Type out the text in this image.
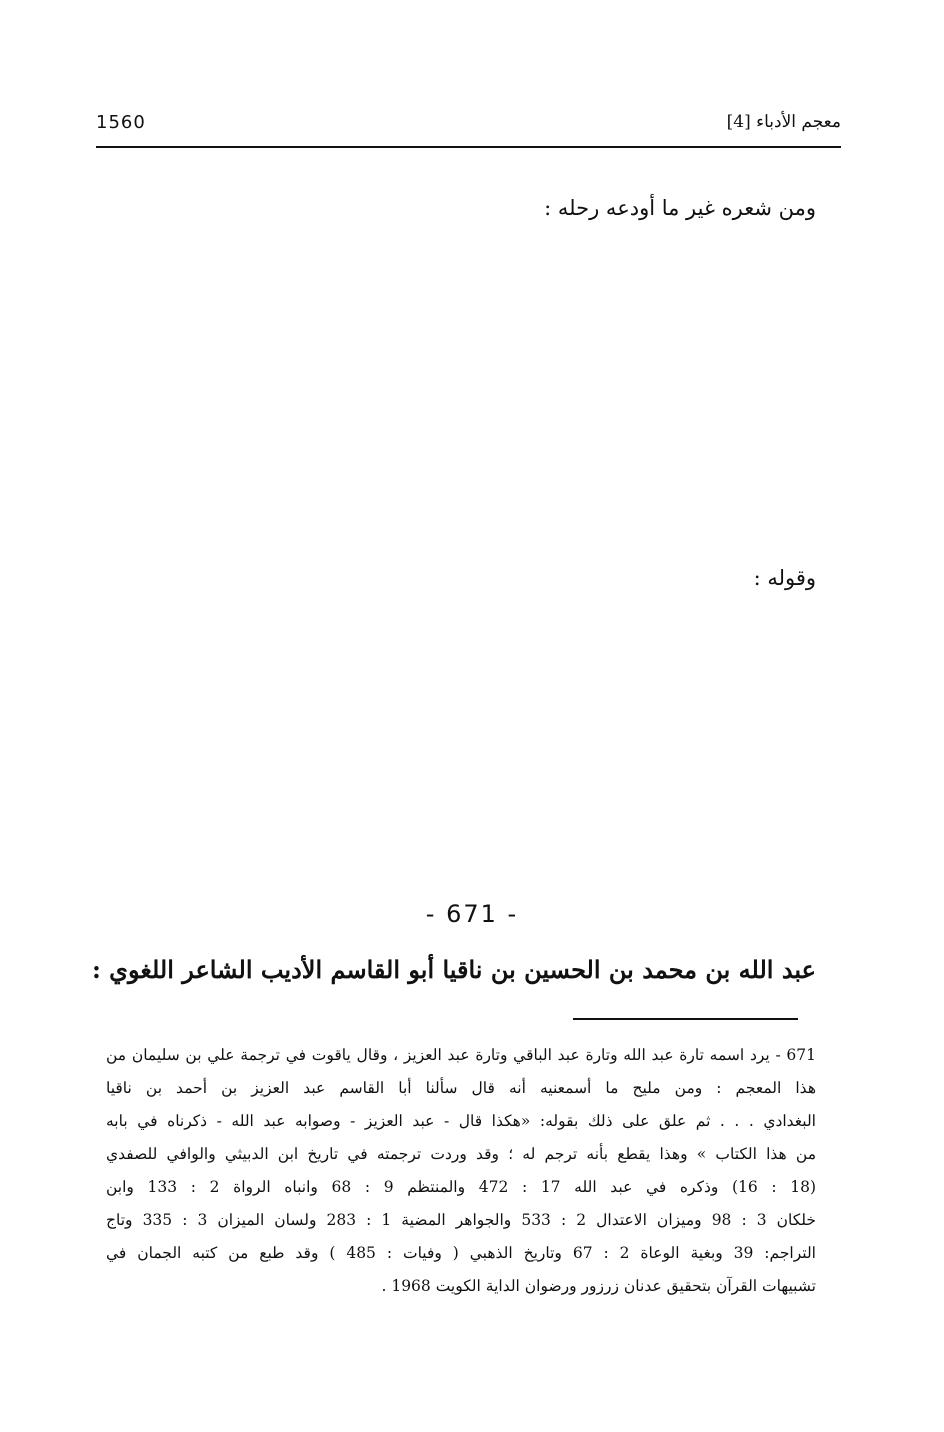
1560	معجم الأدباء [4]
ومن شعره غير ما أودعه رحله :
وقوله :
- 671 -
عبد الله بن محمد بن الحسين بن ناقيا أبو القاسم الأديب الشاعر اللغوي :
671 - يرد اسمه تارة عبد الله وتارة عبد الباقي وتارة عبد العزيز ، وقال ياقوت في ترجمة علي بن سليمان من
هذا المعجم : ومن مليح ما أسمعنيه أنه قال سألنا أبا القاسم عبد العزيز بن أحمد بن ناقيا
البغدادي . . . ثم علق على ذلك بقوله: «هكذا قال - عبد العزيز - وصوابه عبد الله - ذكرناه في بابه
من هذا الكتاب » وهذا يقطع بأنه ترجم له ؛ وقد وردت ترجمته في تاريخ ابن الدبيثي والوافي للصفدي
(18 : 16) وذكره في عبد الله 17 : 472 والمنتظم 9 : 68 وانباه الرواة 2 : 133 وابن
خلكان 3 : 98 وميزان الاعتدال 2 : 533 والجواهر المضية 1 : 283 ولسان الميزان 3 : 335 وتاج
التراجم: 39 وبغية الوعاة 2 : 67 وتاريخ الذهبي ( وفيات : 485 ) وقد طبع من كتبه الجمان في
تشبيهات القرآن بتحقيق عدنان زرزور ورضوان الداية الكويت 1968 .
